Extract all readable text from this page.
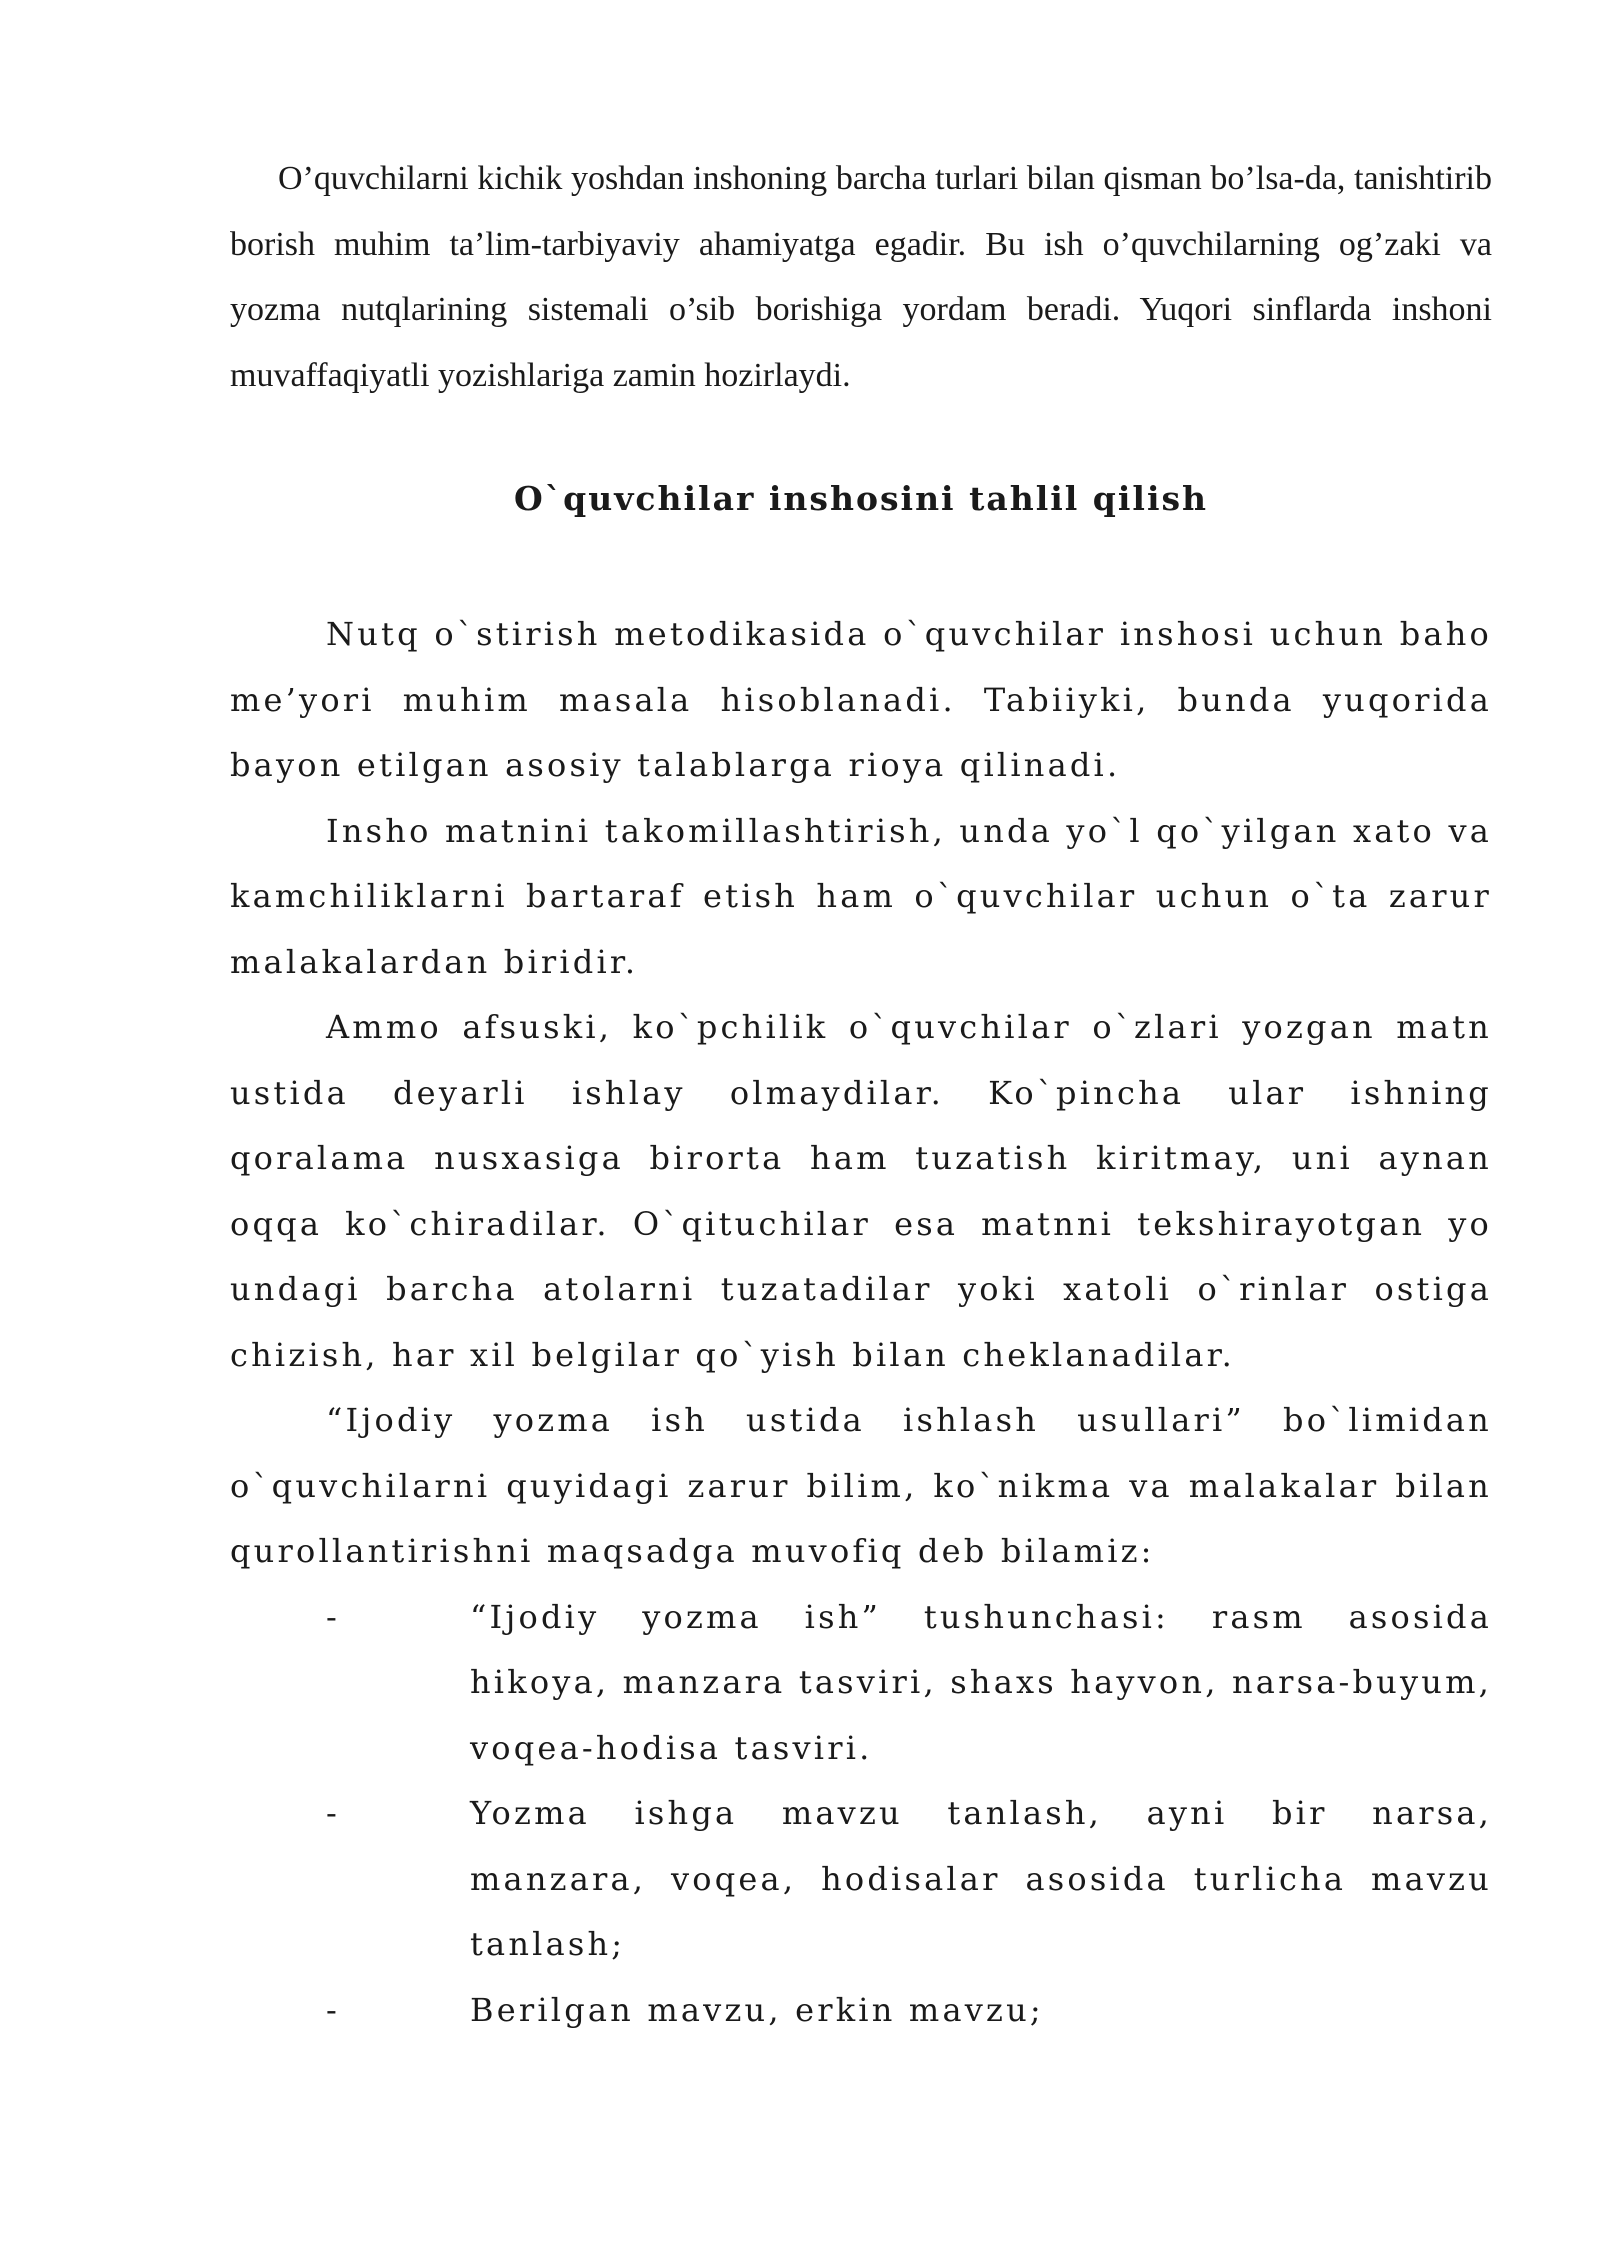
O’quvchilarni kichik yoshdan inshoning barcha turlari bilan qisman bo’lsa-da, tanishtirib borish muhim ta’lim-tarbiyaviy ahamiyatga egadir. Bu ish o’quvchilarning og’zaki va yozma nutqlarining sistemali o’sib borishiga yordam beradi. Yuqori sinflarda inshoni muvaffaqiyatli yozishlariga zamin hozirlaydi.

O`quvchilar inshosini tahlil qilish

Nutq o`stirish metodikasida o`quvchilar inshosi uchun baho me’yori muhim masala hisoblanadi. Tabiiyki, bunda yuqorida bayon etilgan asosiy talablarga rioya qilinadi.

Insho matnini takomillashtirish, unda yo`l qo`yilgan xato va kamchiliklarni bartaraf etish ham o`quvchilar uchun o`ta zarur malakalardan biridir.

Ammo afsuski, ko`pchilik o`quvchilar o`zlari yozgan matn ustida deyarli ishlay olmaydilar. Ko`pincha ular ishning qoralama nusxasiga birorta ham tuzatish kiritmay, uni aynan oqqa ko`chiradilar. O`qituchilar esa matnni tekshirayotgan yo undagi barcha atolarni tuzatadilar yoki xatoli o`rinlar ostiga chizish, har xil belgilar qo`yish bilan cheklanadilar.

“Ijodiy yozma ish ustida ishlash usullari” bo`limidan o`quvchilarni quyidagi zarur bilim, ko`nikma va malakalar bilan qurollantirishni maqsadga muvofiq deb bilamiz:

-	“Ijodiy yozma ish” tushunchasi: rasm asosida hikoya, manzara tasviri, shaxs hayvon, narsa-buyum, voqea-hodisa tasviri.

-	Yozma ishga mavzu tanlash, ayni bir narsa, manzara, voqea, hodisalar asosida turlicha mavzu tanlash;

-	Berilgan mavzu, erkin mavzu;
